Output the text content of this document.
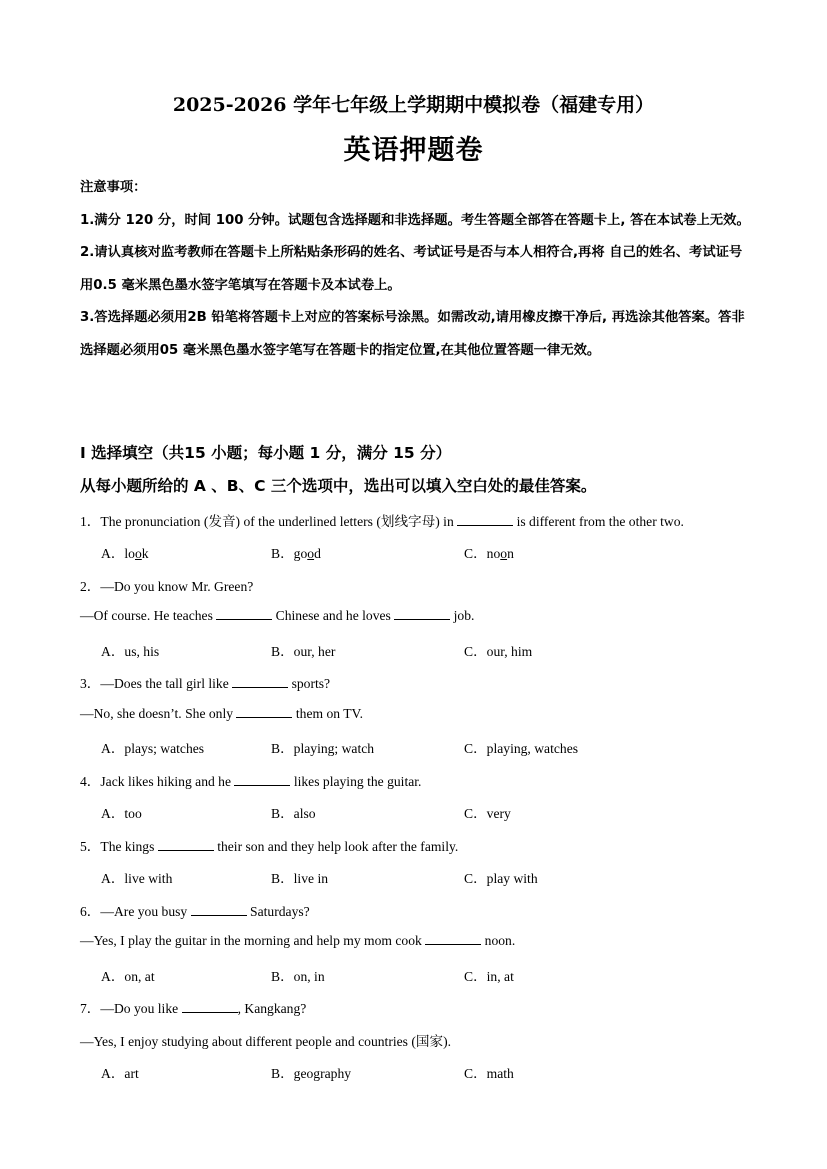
2025-2026 学年七年级上学期期中模拟卷（福建专用）
英语押题卷

注意事项：

1.满分 120 分，时间 100 分钟。试题包含选择题和非选择题。考生答题全部答在答题卡上, 答在本试卷上无效。

2.请认真核对监考教师在答题卡上所粘贴条形码的姓名、考试证号是否与本人相符合,再将 自己的姓名、考试证号用0.5 毫米黑色墨水签字笔填写在答题卡及本试卷上。

3.答选择题必须用2B 铅笔将答题卡上对应的答案标号涂黑。如需改动,请用橡皮擦干净后, 再选涂其他答案。答非选择题必须用05 毫米黑色墨水签字笔写在答题卡的指定位置,在其他位置答题一律无效。

I 选择填空（共15 小题；每小题 1 分，满分 15 分）
从每小题所给的 A 、B、C 三个选项中，选出可以填入空白处的最佳答案。
1．The pronunciation (发音) of the underlined letters (划线字母) in	is different from the other two.
A．look	B．good	C．noon
2．—Do you know Mr. Green?
—Of course. He teaches	Chinese and he loves	job.
A．us, his	B．our, her	C．our, him
3．—Does the tall girl like	sports?
—No, she doesn’t. She only	them on TV.
A．plays; watches	B．playing; watch	C．playing, watches
4．Jack likes hiking and he	likes playing the guitar.
A．too	B．also	C．very
5．The kings	their son and they help look after the family.
A．live with	B．live in	C．play with
6．—Are you busy	Saturdays?
—Yes, I play the guitar in the morning and help my mom cook	noon.
A．on, at	B．on, in	C．in, at
7．—Do you like	, Kangkang?
—Yes, I enjoy studying about different people and countries (国家).
A．art	B．geography	C．math
